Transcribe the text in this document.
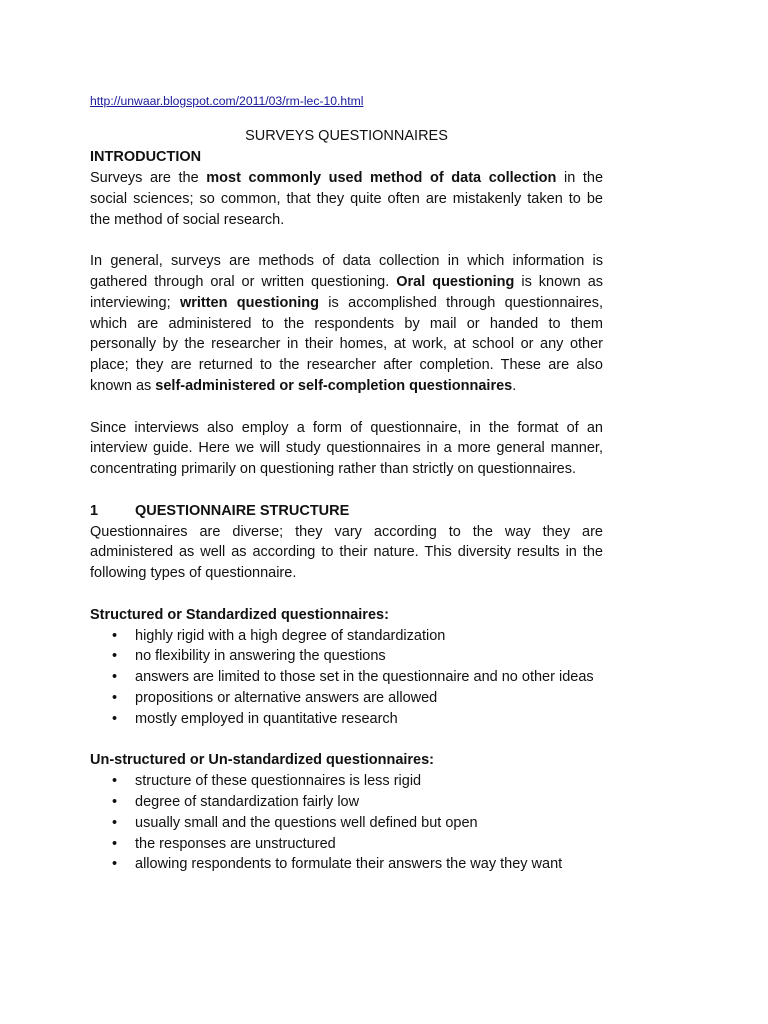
http://unwaar.blogspot.com/2011/03/rm-lec-10.html
SURVEYS QUESTIONNAIRES
INTRODUCTION

Surveys are the most commonly used method of data collection in the social sciences; so common, that they quite often are mistakenly taken to be the method of social research.

In general, surveys are methods of data collection in which information is gathered through oral or written questioning. Oral questioning is known as interviewing; written questioning is accomplished through questionnaires, which are administered to the respondents by mail or handed to them personally by the researcher in their homes, at work, at school or any other place; they are returned to the researcher after completion. These are also known as self-administered or self-completion questionnaires.

Since interviews also employ a form of questionnaire, in the format of an interview guide. Here we will study questionnaires in a more general manner, concentrating primarily on questioning rather than strictly on questionnaires.

1	QUESTIONNAIRE STRUCTURE

Questionnaires are diverse; they vary according to the way they are administered as well as according to their nature. This diversity results in the following types of questionnaire.

Structured or Standardized questionnaires:
• highly rigid with a high degree of standardization
• no flexibility in answering the questions
• answers are limited to those set in the questionnaire and no other ideas
• propositions or alternative answers are allowed
• mostly employed in quantitative research
Un-structured or Un-standardized questionnaires:
• structure of these questionnaires is less rigid
• degree of standardization fairly low
• usually small and the questions well defined but open
• the responses are unstructured
• allowing respondents to formulate their answers the way they want
